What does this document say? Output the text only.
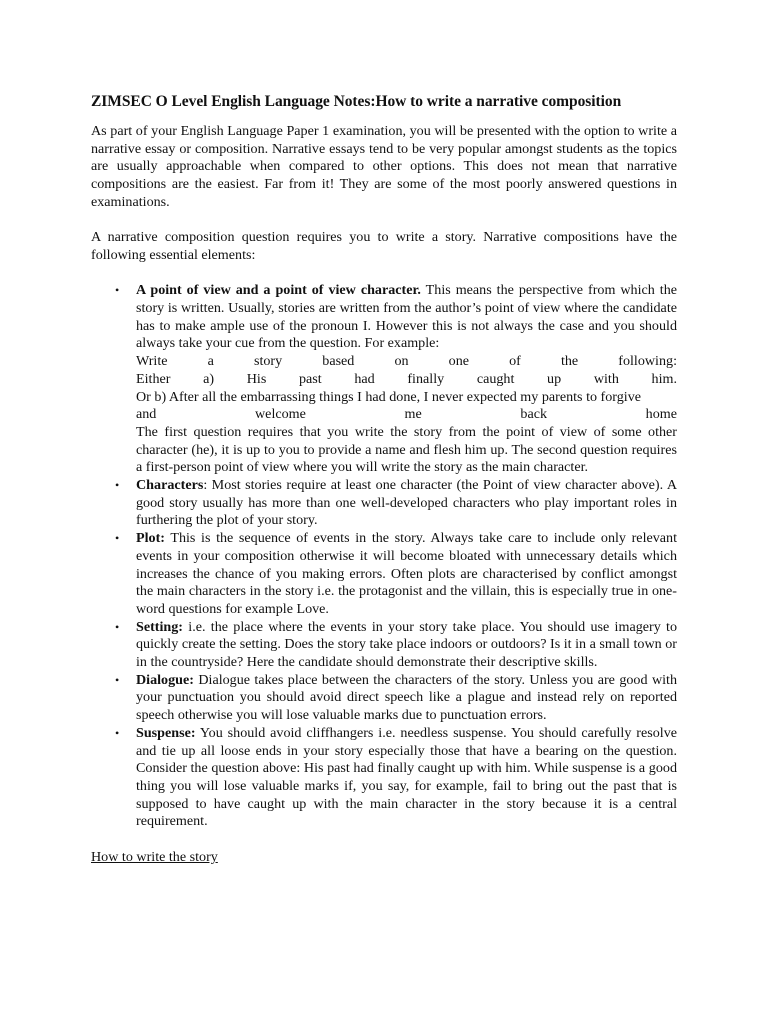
ZIMSEC O Level English Language Notes:How to write a narrative composition

As part of your English Language Paper 1 examination, you will be presented with the option to write a narrative essay or composition. Narrative essays tend to be very popular amongst students as the topics are usually approachable when compared to other options. This does not mean that narrative compositions are the easiest. Far from it! They are some of the most poorly answered questions in examinations.

A narrative composition question requires you to write a story. Narrative compositions have the following essential elements:

• A point of view and a point of view character. This means the perspective from which the story is written. Usually, stories are written from the author’s point of view where the candidate has to make ample use of the pronoun I. However this is not always the case and you should always take your cue from the question. For example:
Write a story based on one of the following:
Either a) His past had finally caught up with him.
Or b) After all the embarrassing things I had done, I never expected my parents to forgive
and welcome me back home
The first question requires that you write the story from the point of view of some other character (he), it is up to you to provide a name and flesh him up. The second question requires a first-person point of view where you will write the story as the main character.
• Characters: Most stories require at least one character (the Point of view character above). A good story usually has more than one well-developed characters who play important roles in furthering the plot of your story.
• Plot: This is the sequence of events in the story. Always take care to include only relevant events in your composition otherwise it will become bloated with unnecessary details which increases the chance of you making errors. Often plots are characterised by conflict amongst the main characters in the story i.e. the protagonist and the villain, this is especially true in one-word questions for example Love.
• Setting: i.e. the place where the events in your story take place. You should use imagery to quickly create the setting. Does the story take place indoors or outdoors? Is it in a small town or in the countryside? Here the candidate should demonstrate their descriptive skills.
• Dialogue: Dialogue takes place between the characters of the story. Unless you are good with your punctuation you should avoid direct speech like a plague and instead rely on reported speech otherwise you will lose valuable marks due to punctuation errors.
• Suspense: You should avoid cliffhangers i.e. needless suspense. You should carefully resolve and tie up all loose ends in your story especially those that have a bearing on the question. Consider the question above: His past had finally caught up with him. While suspense is a good thing you will lose valuable marks if, you say, for example, fail to bring out the past that is supposed to have caught up with the main character in the story because it is a central requirement.

How to write the story
